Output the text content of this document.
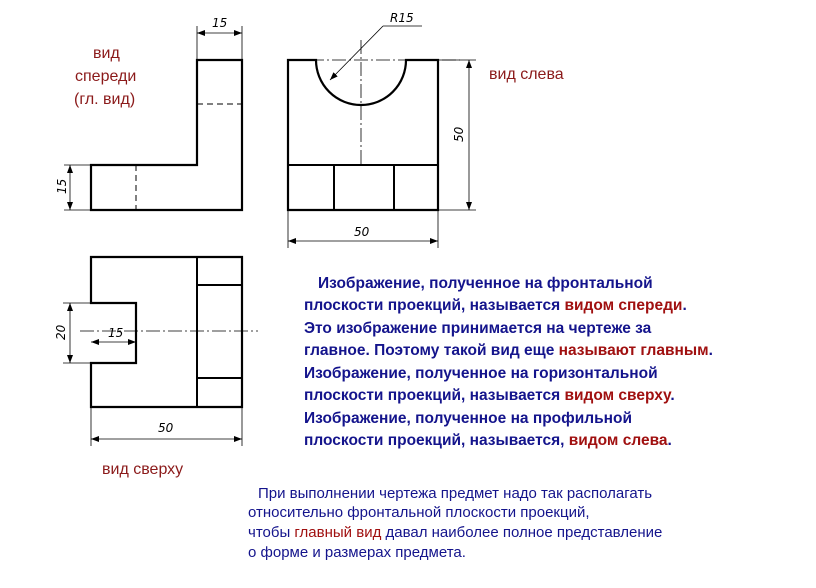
15
15
R15
50
50
20	15
50
вид
спереди
(гл. вид)
вид слева
вид сверху
Изображение, полученное на фронтальной
плоскости проекций, называется видом спереди.
Это изображение принимается на чертеже за
главное. Поэтому такой вид еще называют главным.
Изображение, полученное на горизонтальной
плоскости проекций, называется видом сверху.
Изображение, полученное на профильной
плоскости проекций, называется, видом слева.
При выполнении чертежа предмет надо так располагать
относительно фронтальной плоскости проекций,
чтобы главный вид давал наиболее полное представление
о форме и размерах предмета.
